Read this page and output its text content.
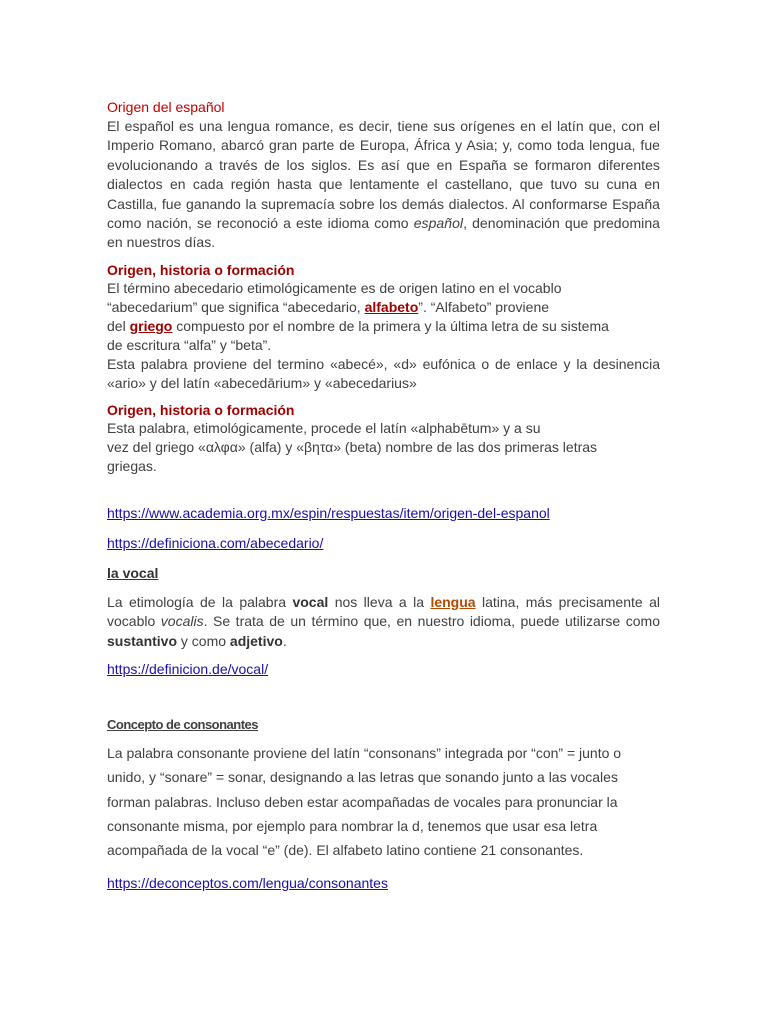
Origen del español

El español es una lengua romance, es decir, tiene sus orígenes en el latín que, con el Imperio Romano, abarcó gran parte de Europa, África y Asia; y, como toda lengua, fue evolucionando a través de los siglos. Es así que en España se formaron diferentes dialectos en cada región hasta que lentamente el castellano, que tuvo su cuna en Castilla, fue ganando la supremacía sobre los demás dialectos. Al conformarse España como nación, se reconoció a este idioma como español, denominación que predomina en nuestros días.

Origen, historia o formación

El término abecedario etimológicamente es de origen latino en el vocablo
“abecedarium” que significa “abecedario, alfabeto”. “Alfabeto” proviene
del griego compuesto por el nombre de la primera y la última letra de su sistema
de escritura “alfa” y “beta”.

Esta palabra proviene del termino «abecé», «d» eufónica o de enlace y la desinencia «ario» y del latín «abecedārium» y «abecedarius»

Origen, historia o formación

Esta palabra, etimológicamente, procede el latín «alphabētum» y a su
vez del griego «αλφα» (alfa) y «βητα» (beta) nombre de las dos primeras letras
griegas.

https://www.academia.org.mx/espin/respuestas/item/origen-del-espanol
https://definiciona.com/abecedario/
la vocal

La etimología de la palabra vocal nos lleva a la lengua latina, más precisamente al vocablo vocalis. Se trata de un término que, en nuestro idioma, puede utilizarse como sustantivo y como adjetivo.

https://definicion.de/vocal/
Concepto de consonantes

La palabra consonante proviene del latín “consonans” integrada por “con” = junto o unido, y “sonare” = sonar, designando a las letras que sonando junto a las vocales forman palabras. Incluso deben estar acompañadas de vocales para pronunciar la consonante misma, por ejemplo para nombrar la d, tenemos que usar esa letra acompañada de la vocal “e” (de). El alfabeto latino contiene 21 consonantes.

https://deconceptos.com/lengua/consonantes
